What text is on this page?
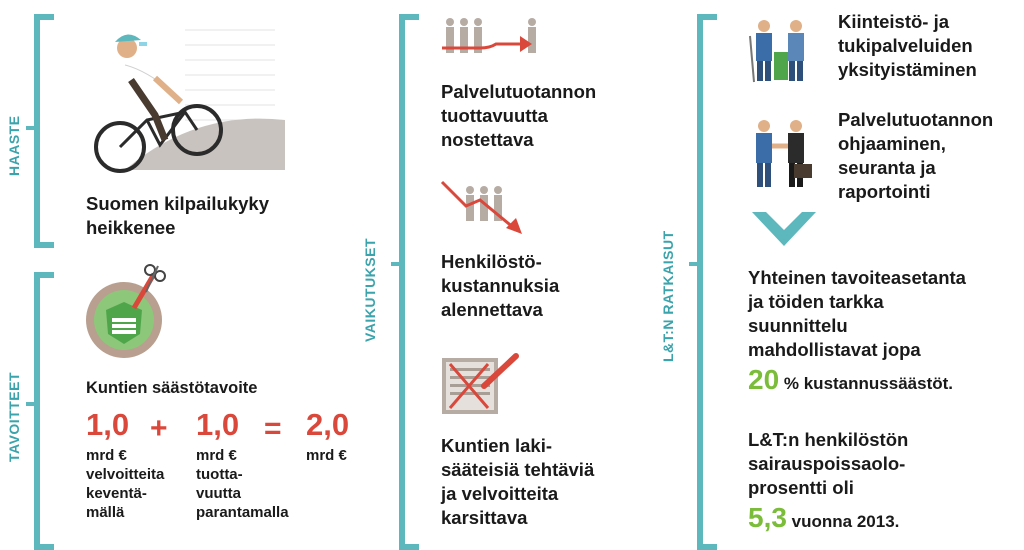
HAASTE
Suomen kilpailukyky
heikkenee
TAVOITTEET	Kuntien säästötavoite
1,0 + 1,0 = 2,0
mrd €
velvoitteita
keventä-
mällä
mrd €
tuotta-
vuutta
parantamalla
mrd €
VAIKUTUKSET
Palvelutuotannon
tuottavuutta
nostettava
Henkilöstö-
kustannuksia
alennettava
Kuntien laki-
sääteisiä tehtäviä
ja velvoitteita
karsittava
L&T:N RATKAISUT
Kiinteistö- ja
tukipalveluiden
yksityistäminen
Palvelutuotannon
ohjaaminen,
seuranta ja
raportointi
Yhteinen tavoiteasetanta
ja töiden tarkka
suunnittelu
mahdollistavat jopa
20 % kustannussäästöt.
L&T:n henkilöstön
sairauspoissaolo-
prosentti oli
5,3 vuonna 2013.
